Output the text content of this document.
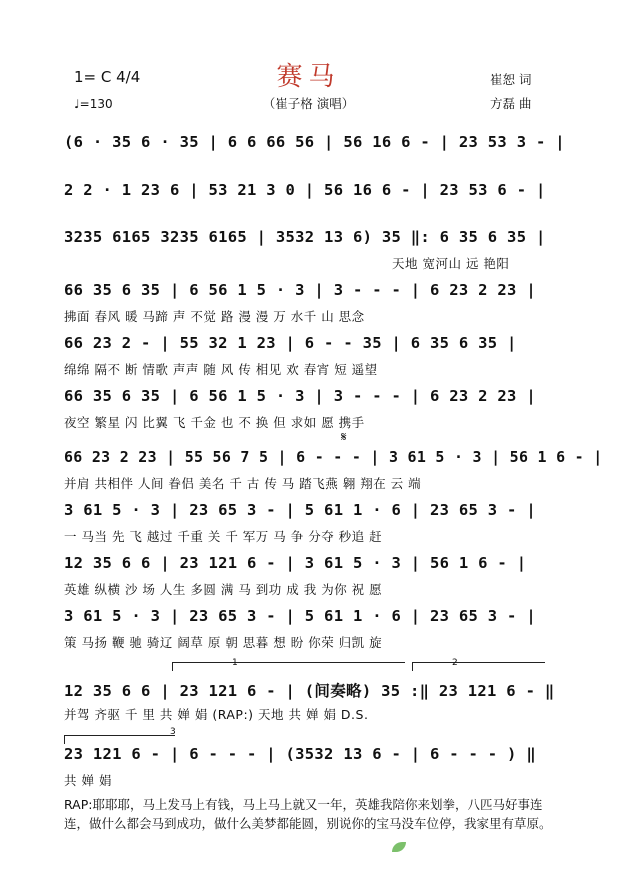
赛马
（崔子格 演唱）
1= C 4/4
♩=130
崔恕 词
方磊 曲
(6 · 35 6 · 35 | 6 6 66 56 | 56 16 6 - | 23 53 3 - |
2 2 · 1 23 6 | 53 21 3 0 | 56 16 6 - | 23 53 6 - |
3235 6165 3235 6165 | 3532 13 6) 35 ‖: 6 35 6 35 |
天地 宽河山 远 艳阳
66 35 6 35 | 6 56 1 5 · 3 | 3 - - - | 6 23 2 23 |
拂面 春风 暖 马蹄 声 不觉 路 漫 漫 万 水千 山 思念
66 23 2 - | 55 32 1 23 | 6 - - 35 | 6 35 6 35 |
绵绵 隔不 断 情歌 声声 随 风 传 相见 欢 春宵 短 遥望
66 35 6 35 | 6 56 1 5 · 3 | 3 - - - | 6 23 2 23 |
夜空 繁星 闪 比翼 飞 千金 也 不 换 但 求如 愿 携手
𝄋
66 23 2 23 | 55 56 7 5 | 6 - - - | 3 61 5 · 3 | 56 1 6 - |
并肩 共相伴 人间 眷侣 美名 千 古 传 马 踏飞燕 翱 翔在 云 端
3 61 5 · 3 | 23 65 3 - | 5 61 1 · 6 | 23 65 3 - |
一 马当 先 飞 越过 千重 关 千 军万 马 争 分夺 秒追 赶
12 35 6 6 | 23 121 6 - | 3 61 5 · 3 | 56 1 6 - |
英雄 纵横 沙 场 人生 多圆 满 马 到功 成 我 为你 祝 愿
3 61 5 · 3 | 23 65 3 - | 5 61 1 · 6 | 23 65 3 - |
策 马扬 鞭 驰 骑辽 阔草 原 朝 思暮 想 盼 你荣 归凯 旋
1	2
12 35 6 6 | 23 121 6 - | (间奏略) 35 :‖ 23 121 6 - ‖
并驾 齐驱 千 里 共 婵 娟 (RAP:) 天地 共 婵 娟 D.S.
3
23 121 6 - | 6 - - - | (3532 13 6 - | 6 - - - ) ‖
共 婵 娟
RAP:耶耶耶，马上发马上有钱，马上马上就又一年，英雄我陪你来划拳，八匹马好事连连，做什么都会马到成功，做什么美梦都能圆，别说你的宝马没车位停，我家里有草原。
